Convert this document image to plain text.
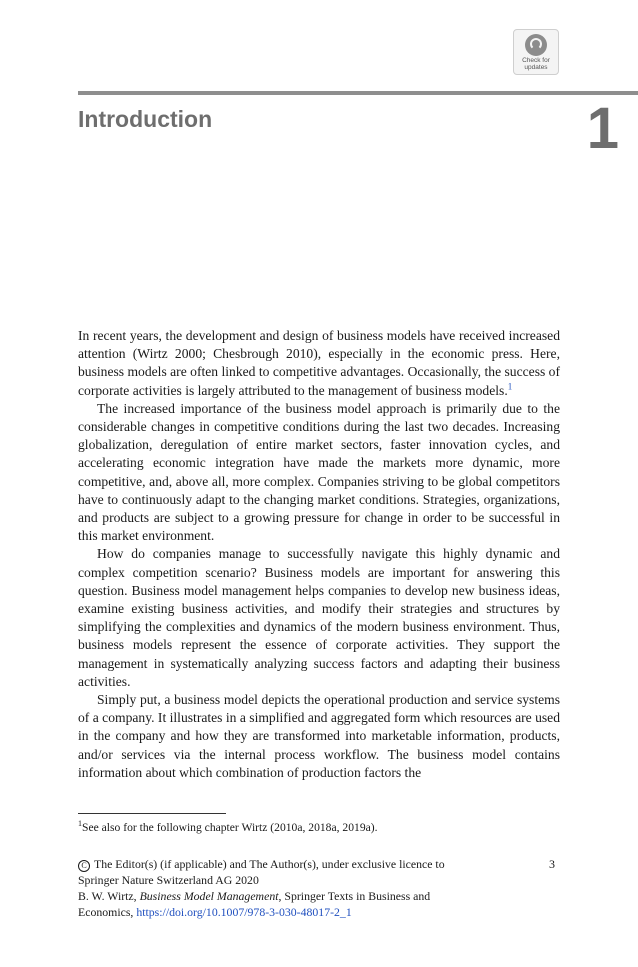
Check for
updates
Introduction	1

In recent years, the development and design of business models have received increased attention (Wirtz 2000; Chesbrough 2010), especially in the economic press. Here, business models are often linked to competitive advantages. Occasionally, the success of corporate activities is largely attributed to the management of business models.$^1$

The increased importance of the business model approach is primarily due to the considerable changes in competitive conditions during the last two decades. Increasing globalization, deregulation of entire market sectors, faster innovation cycles, and accelerating economic integration have made the markets more dynamic, more competitive, and, above all, more complex. Companies striving to be global competitors have to continuously adapt to the changing market conditions. Strategies, organizations, and products are subject to a growing pressure for change in order to be successful in this market environment.

How do companies manage to successfully navigate this highly dynamic and complex competition scenario? Business models are important for answering this question. Business model management helps companies to develop new business ideas, examine existing business activities, and modify their strategies and structures by simplifying the complexities and dynamics of the modern business environment. Thus, business models represent the essence of corporate activities. They support the management in systematically analyzing success factors and adapting their business activities.

Simply put, a business model depicts the operational production and service systems of a company. It illustrates in a simplified and aggregated form which resources are used in the company and how they are transformed into marketable information, products, and/or services via the internal process workflow. The business model contains information about which combination of production factors the

$^1$See also for the following chapter Wirtz (2010a, 2018a, 2019a).

C The Editor(s) (if applicable) and The Author(s), under exclusive licence to
Springer Nature Switzerland AG 2020
B. W. Wirtz, Business Model Management, Springer Texts in Business and
Economics, https://doi.org/10.1007/978-3-030-48017-2_1

3
